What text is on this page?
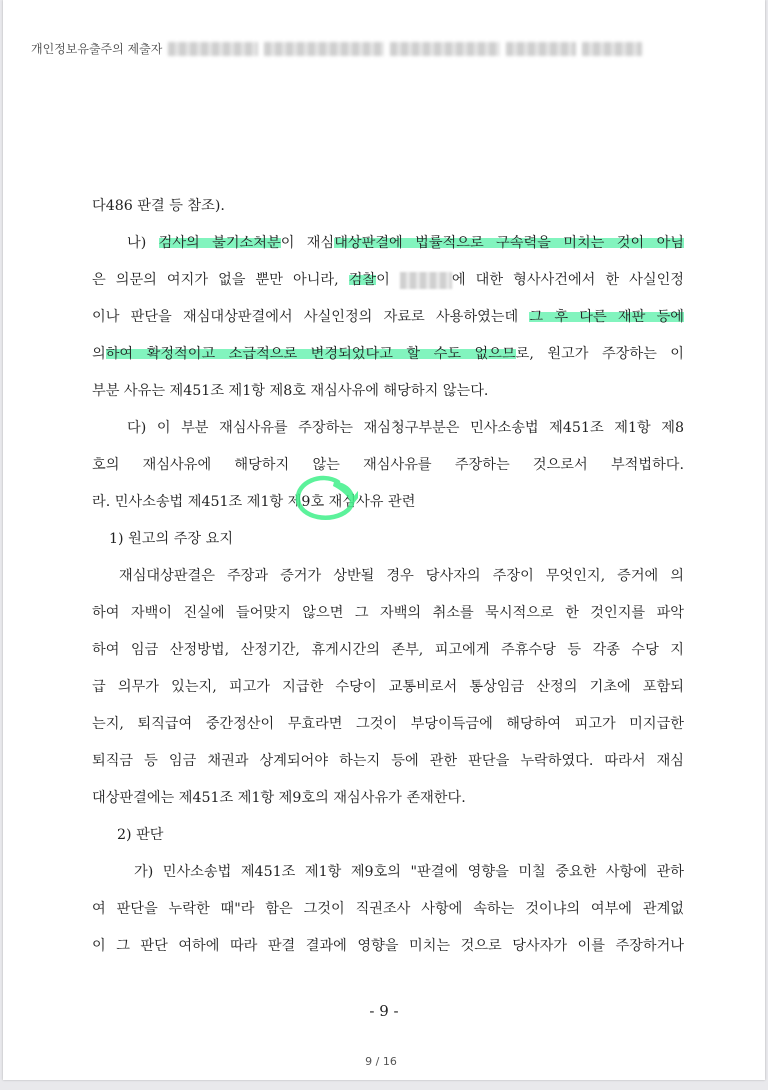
개인정보유출주의 제출자
다486 판결 등 참조).
나) 검사의 불기소처분이 재심대상판결에 법률적으로 구속력을 미치는 것이 아님
은 의문의 여지가 없을 뿐만 아니라, 검찰이	에 대한 형사사건에서 한 사실인정
이나 판단을 재심대상판결에서 사실인정의 자료로 사용하였는데 그 후 다른 재판 등에
의하여 확정적이고 소급적으로 변경되었다고 할 수도 없으므로, 원고가 주장하는 이
부분 사유는 제451조 제1항 제8호 재심사유에 해당하지 않는다.
다) 이 부분 재심사유를 주장하는 재심청구부분은 민사소송법 제451조 제1항 제8
호의 재심사유에 해당하지 않는 재심사유를 주장하는 것으로서 부적법하다.
라. 민사소송법 제451조 제1항 제9호 재심사유 관련
1) 원고의 주장 요지
재심대상판결은 주장과 증거가 상반될 경우 당사자의 주장이 무엇인지, 증거에 의
하여 자백이 진실에 들어맞지 않으면 그 자백의 취소를 묵시적으로 한 것인지를 파악
하여 임금 산정방법, 산정기간, 휴게시간의 존부, 피고에게 주휴수당 등 각종 수당 지
급 의무가 있는지, 피고가 지급한 수당이 교통비로서 통상임금 산정의 기초에 포함되
는지, 퇴직급여 중간정산이 무효라면 그것이 부당이득금에 해당하여 피고가 미지급한
퇴직금 등 임금 채권과 상계되어야 하는지 등에 관한 판단을 누락하였다. 따라서 재심
대상판결에는 제451조 제1항 제9호의 재심사유가 존재한다.
2) 판단
가) 민사소송법 제451조 제1항 제9호의 "판결에 영향을 미칠 중요한 사항에 관하
여 판단을 누락한 때"라 함은 그것이 직권조사 사항에 속하는 것이냐의 여부에 관계없
이 그 판단 여하에 따라 판결 결과에 영향을 미치는 것으로 당사자가 이를 주장하거나
- 9 -
9 / 16
